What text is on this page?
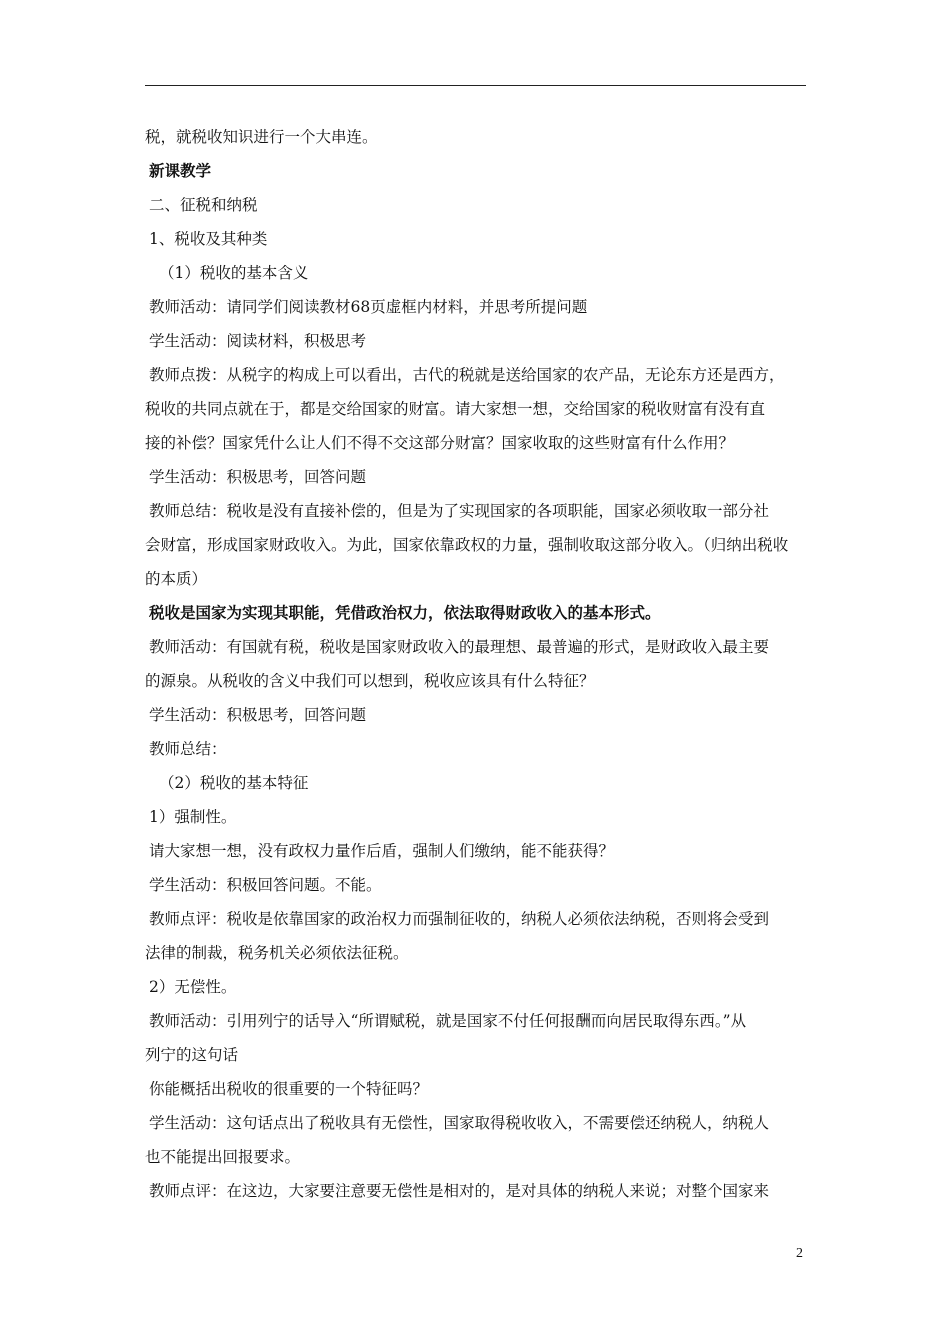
税，就税收知识进行一个大串连。
新课教学
二、征税和纳税
1、税收及其种类
（1）税收的基本含义
教师活动：请同学们阅读教材68页虚框内材料，并思考所提问题
学生活动：阅读材料，积极思考
教师点拨：从税字的构成上可以看出，古代的税就是送给国家的农产品，无论东方还是西方，
税收的共同点就在于，都是交给国家的财富。请大家想一想，交给国家的税收财富有没有直
接的补偿？国家凭什么让人们不得不交这部分财富？国家收取的这些财富有什么作用？
学生活动：积极思考，回答问题
教师总结：税收是没有直接补偿的，但是为了实现国家的各项职能，国家必须收取一部分社
会财富，形成国家财政收入。为此，国家依靠政权的力量，强制收取这部分收入。（归纳出税收
的本质）
税收是国家为实现其职能，凭借政治权力，依法取得财政收入的基本形式。
教师活动：有国就有税，税收是国家财政收入的最理想、最普遍的形式，是财政收入最主要
的源泉。从税收的含义中我们可以想到，税收应该具有什么特征？
学生活动：积极思考，回答问题
教师总结：
（2）税收的基本特征
1）强制性。
请大家想一想，没有政权力量作后盾，强制人们缴纳，能不能获得？
学生活动：积极回答问题。不能。
教师点评：税收是依靠国家的政治权力而强制征收的，纳税人必须依法纳税，否则将会受到
法律的制裁，税务机关必须依法征税。
2）无偿性。
教师活动：引用列宁的话导入“所谓赋税，就是国家不付任何报酬而向居民取得东西。”从
列宁的这句话
你能概括出税收的很重要的一个特征吗？
学生活动：这句话点出了税收具有无偿性，国家取得税收收入，不需要偿还纳税人，纳税人
也不能提出回报要求。
教师点评：在这边，大家要注意要无偿性是相对的，是对具体的纳税人来说；对整个国家来
2
